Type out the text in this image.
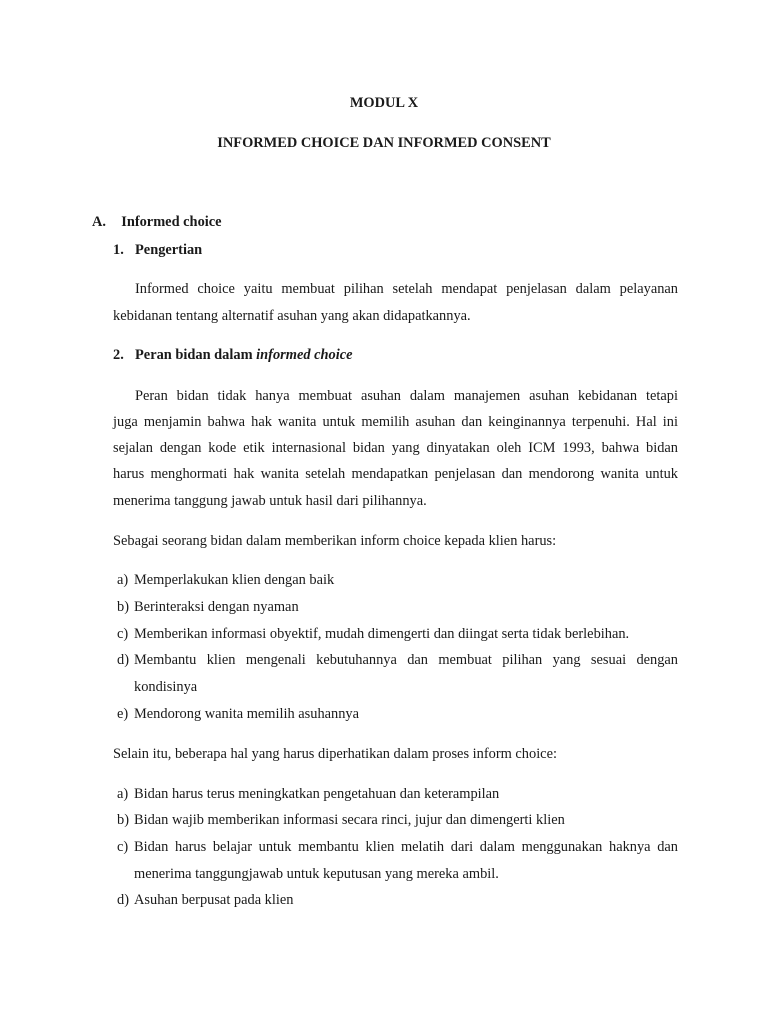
MODUL X
INFORMED CHOICE DAN INFORMED CONSENT
A. Informed choice
1. Pengertian
Informed choice yaitu membuat pilihan setelah mendapat penjelasan dalam pelayanan
kebidanan tentang alternatif asuhan yang akan didapatkannya.
2. Peran bidan dalam informed choice
Peran bidan tidak hanya membuat asuhan dalam manajemen asuhan kebidanan tetapi
juga menjamin bahwa hak wanita untuk memilih asuhan dan keinginannya terpenuhi. Hal ini
sejalan dengan kode etik internasional bidan yang dinyatakan oleh ICM 1993, bahwa bidan
harus menghormati hak wanita setelah mendapatkan penjelasan dan mendorong wanita untuk
menerima tanggung jawab untuk hasil dari pilihannya.
Sebagai seorang bidan dalam memberikan inform choice kepada klien harus:
a) Memperlakukan klien dengan baik
b) Berinteraksi dengan nyaman
c) Memberikan informasi obyektif, mudah dimengerti dan diingat serta tidak berlebihan.
d) Membantu klien mengenali kebutuhannya dan membuat pilihan yang sesuai dengan
kondisinya
e) Mendorong wanita memilih asuhannya
Selain itu, beberapa hal yang harus diperhatikan dalam proses inform choice:
a) Bidan harus terus meningkatkan pengetahuan dan keterampilan
b) Bidan wajib memberikan informasi secara rinci, jujur dan dimengerti klien
c) Bidan harus belajar untuk membantu klien melatih dari dalam menggunakan haknya dan
menerima tanggungjawab untuk keputusan yang mereka ambil.
d) Asuhan berpusat pada klien
